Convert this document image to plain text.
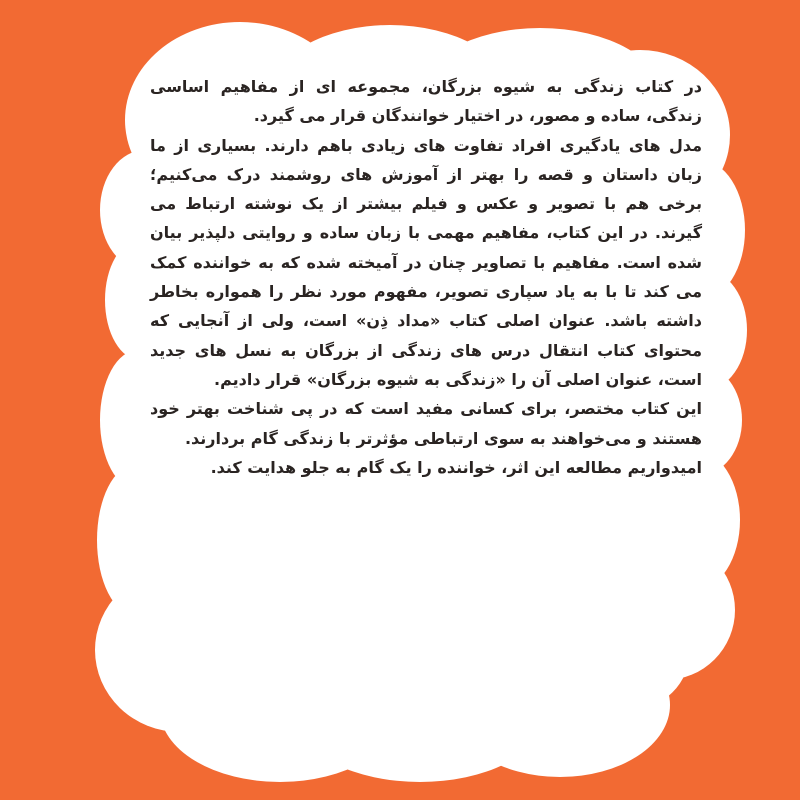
در کتاب زندگی به شیوه بزرگان، مجموعه ای از مفاهیم اساسی زندگی، ساده و مصور، در اختیار خوانندگان قرار می گیرد.

مدل های یادگیری افراد تفاوت های زیادی باهم دارند. بسیاری از ما زبان داستان و قصه را بهتر از آموزش های روشمند درک می‌کنیم؛ برخی هم با تصویر و عکس و فیلم بیشتر از یک نوشته ارتباط می گیرند. در این کتاب، مفاهیم مهمی با زبان ساده و روایتی دلپذیر بیان شده است. مفاهیم با تصاویر چنان در آمیخته شده که به خواننده کمک می کند تا با به یاد سپاری تصویر، مفهوم مورد نظر را همواره بخاطر داشته باشد. عنوان اصلی کتاب «مداد ذِن» است، ولی از آنجایی که محتوای کتاب انتقال درس های زندگی از بزرگان به نسل های جدید است، عنوان اصلی آن را «زندگی به شیوه بزرگان» قرار دادیم.

این کتاب مختصر، برای کسانی مفید است که در پی شناخت بهتر خود هستند و می‌خواهند به سوی ارتباطی مؤثرتر با زندگی گام بردارند.

امیدواریم مطالعه این اثر، خواننده را یک گام به جلو هدایت کند.
